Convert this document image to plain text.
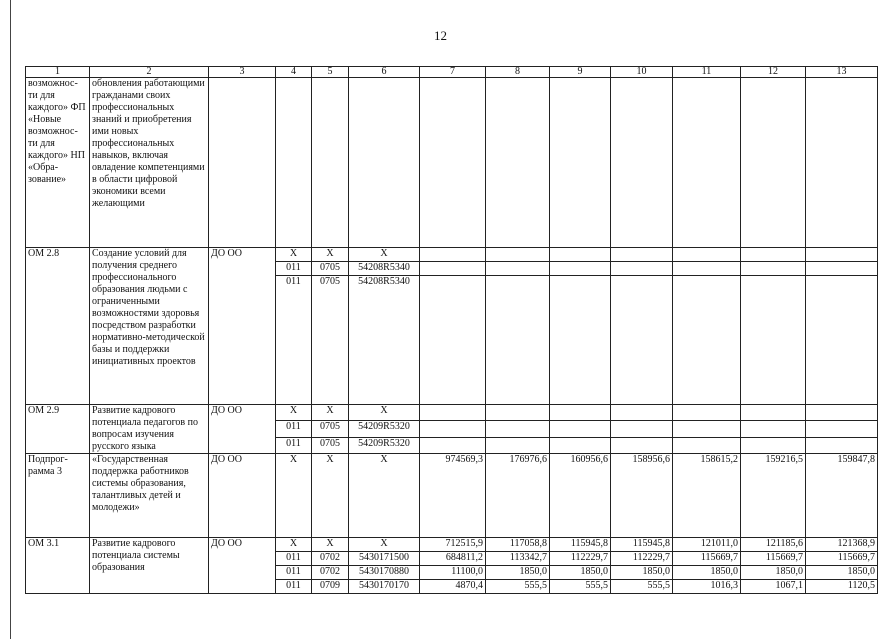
12
1	2	3	4	5	6	7	8	9	10	11	12	13
возможнос-ти для каждого» ФП «Новые возможнос-ти для каждого» НП «Обра-зование»	обновления работающими гражданами своих профессиональных знаний и приобретения ими новых профессиональных навыков, включая овладение компетенциями в области цифровой экономики всеми желающими											
ОМ 2.8	Создание условий для получения среднего профессионального образования людьми с ограниченными возможностями здоровья посредством разработки нормативно-методической базы и поддержки инициативных проектов	ДО ОО	Х	Х	Х							
			011	0705	54208R5340							
			011	0705	54208R5340							
ОМ 2.9	Развитие кадрового потенциала педагогов по вопросам изучения русского языка	ДО ОО	Х	Х	Х							
			011	0705	54209R5320							
			011	0705	54209R5320							
Подпрог-рамма 3	«Государственная поддержка работников системы образования, талантливых детей и молодежи»	ДО ОО	Х	Х	Х	974569,3	176976,6	160956,6	158956,6	158615,2	159216,5	159847,8
ОМ 3.1	Развитие кадрового потенциала системы образования	ДО ОО	Х	Х	Х	712515,9	117058,8	115945,8	115945,8	121011,0	121185,6	121368,9
			011	0702	5430171500	684811,2	113342,7	112229,7	112229,7	115669,7	115669,7	115669,7
			011	0702	5430170880	11100,0	1850,0	1850,0	1850,0	1850,0	1850,0	1850,0
			011	0709	5430170170	4870,4	555,5	555,5	555,5	1016,3	1067,1	1120,5
